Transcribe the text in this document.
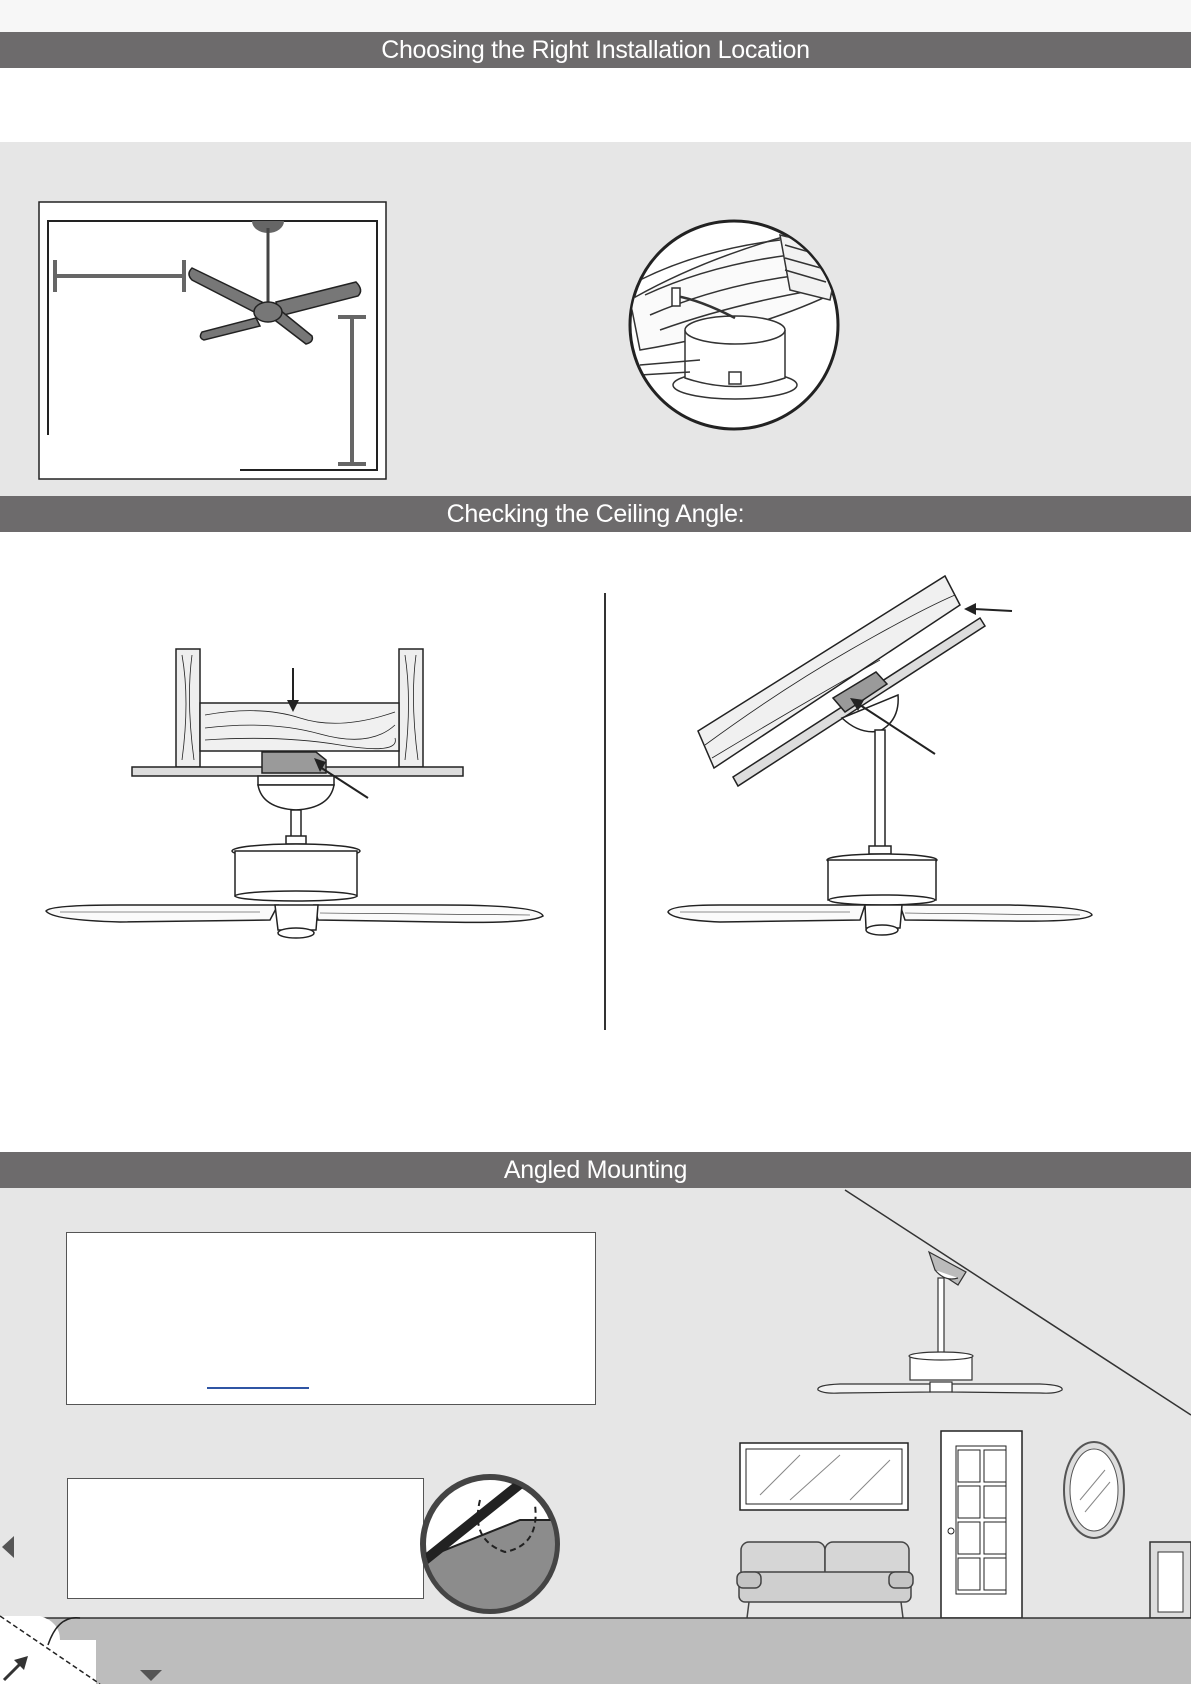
Choosing the Right Installation Location
Checking the Ceiling Angle:
Angled Mounting
